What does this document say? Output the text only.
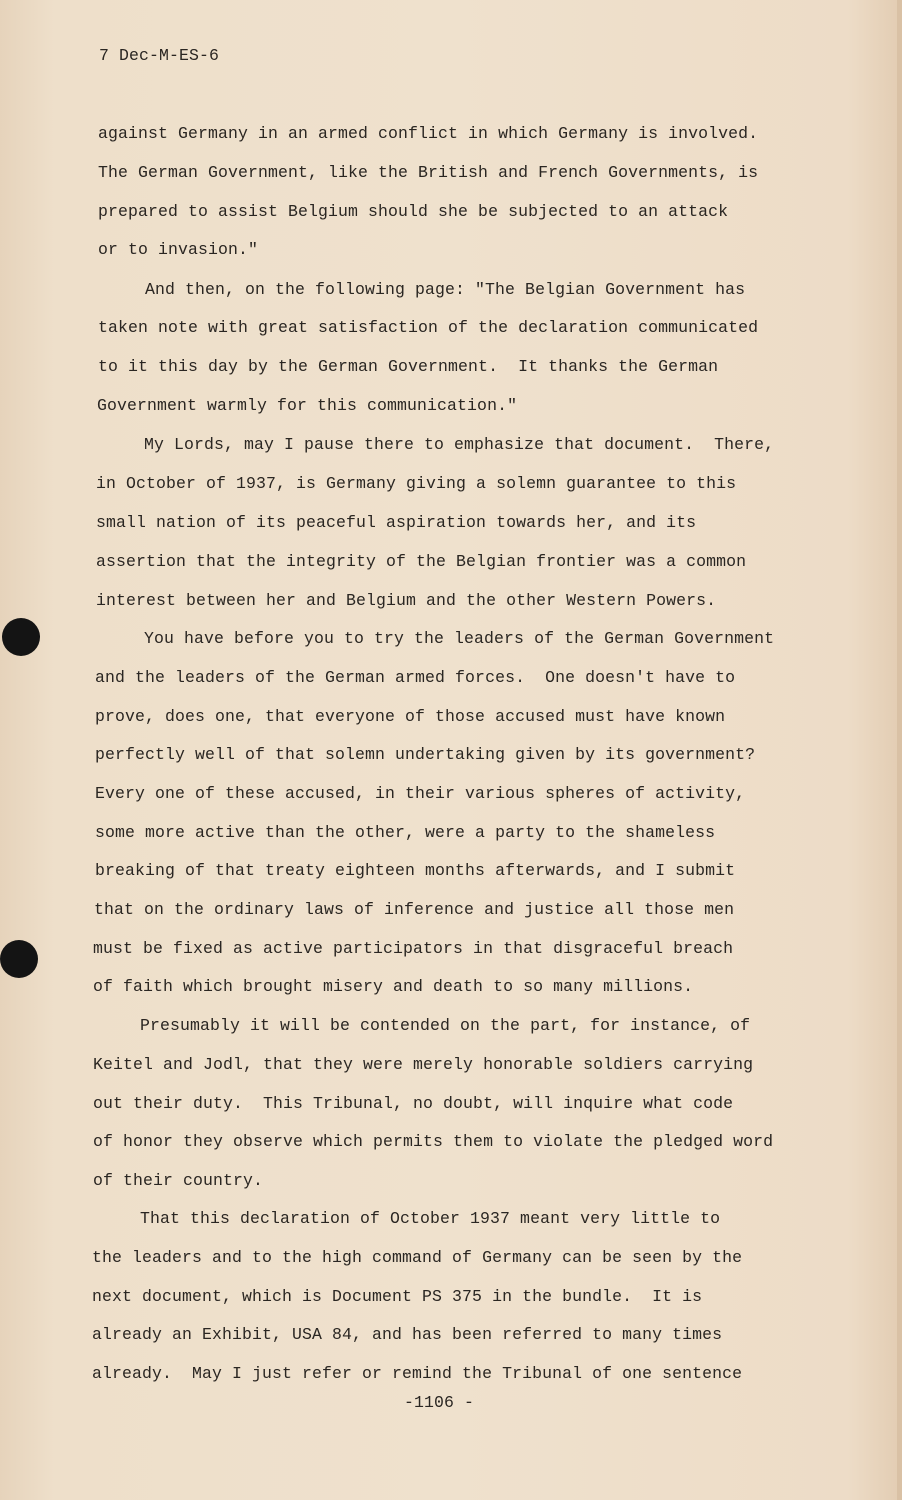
7 Dec-M-ES-6

against Germany in an armed conflict in which Germany is involved.

The German Government, like the British and French Governments, is

prepared to assist Belgium should she be subjected to an attack

or to invasion."

And then, on the following page: "The Belgian Government has

taken note with great satisfaction of the declaration communicated

to it this day by the German Government.  It thanks the German

Government warmly for this communication."

My Lords, may I pause there to emphasize that document.  There,

in October of 1937, is Germany giving a solemn guarantee to this

small nation of its peaceful aspiration towards her, and its

assertion that the integrity of the Belgian frontier was a common

interest between her and Belgium and the other Western Powers.

You have before you to try the leaders of the German Government

and the leaders of the German armed forces.  One doesn't have to

prove, does one, that everyone of those accused must have known

perfectly well of that solemn undertaking given by its government?

Every one of these accused, in their various spheres of activity,

some more active than the other, were a party to the shameless

breaking of that treaty eighteen months afterwards, and I submit

that on the ordinary laws of inference and justice all those men

must be fixed as active participators in that disgraceful breach

of faith which brought misery and death to so many millions.

Presumably it will be contended on the part, for instance, of

Keitel and Jodl, that they were merely honorable soldiers carrying

out their duty.  This Tribunal, no doubt, will inquire what code

of honor they observe which permits them to violate the pledged word

of their country.

That this declaration of October 1937 meant very little to

the leaders and to the high command of Germany can be seen by the

next document, which is Document PS 375 in the bundle.  It is

already an Exhibit, USA 84, and has been referred to many times

already.  May I just refer or remind the Tribunal of one sentence

-1106 -
